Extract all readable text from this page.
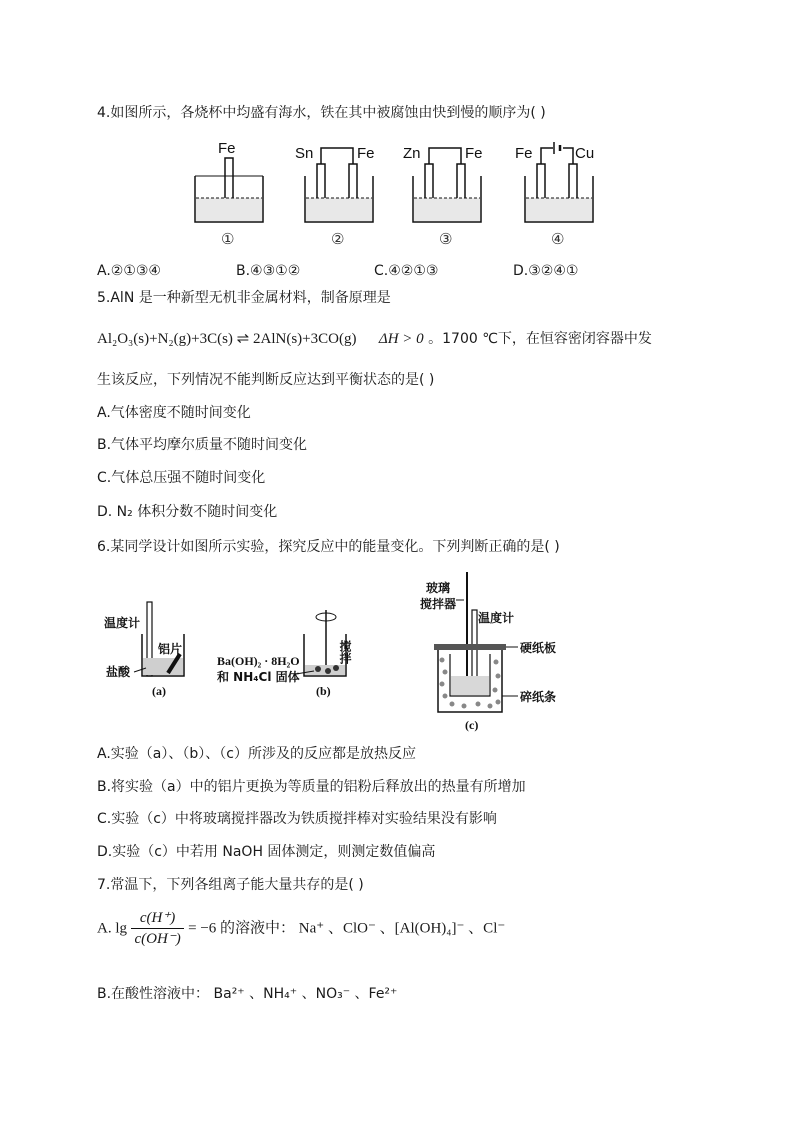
4.如图所示，各烧杯中均盛有海水，铁在其中被腐蚀由快到慢的顺序为( )
Fe
①
Sn	Fe
②
Zn	Fe
③
Fe	Cu
④
A.②①③④	B.④③①②	C.④②①③	D.③②④①
5.AlN 是一种新型无机非金属材料，制备原理是
Al₂O₃(s)+N₂(g)+3C(s) ⇌ 2AlN(s)+3CO(g) ΔH > 0 。1700 ℃下，在恒容密闭容器中发
生该反应，下列情况不能判断反应达到平衡状态的是( )
A.气体密度不随时间变化
B.气体平均摩尔质量不随时间变化
C.气体总压强不随时间变化
D. N₂ 体积分数不随时间变化
6.某同学设计如图所示实验，探究反应中的能量变化。下列判断正确的是( )
温度计
铝片
盐酸
(a)
搅拌
Ba(OH)₂ · 8H₂O
和 NH₄Cl 固体
(b)
玻璃
搅拌器
温度计
硬纸板
碎纸条
(c)
A.实验（a）、（b）、（c）所涉及的反应都是放热反应
B.将实验（a）中的铝片更换为等质量的铝粉后释放出的热量有所增加
C.实验（c）中将玻璃搅拌器改为铁质搅拌棒对实验结果没有影响
D.实验（c）中若用 NaOH 固体测定，则测定数值偏高
7.常温下，下列各组离子能大量共存的是( )
A. $\lg \frac{c(H^+)}{c(OH^-)} = -6$ 的溶液中： Na⁺ 、ClO⁻ 、[Al(OH)₄]⁻ 、Cl⁻
B.在酸性溶液中： Ba²⁺ 、NH₄⁺ 、NO₃⁻ 、Fe²⁺
